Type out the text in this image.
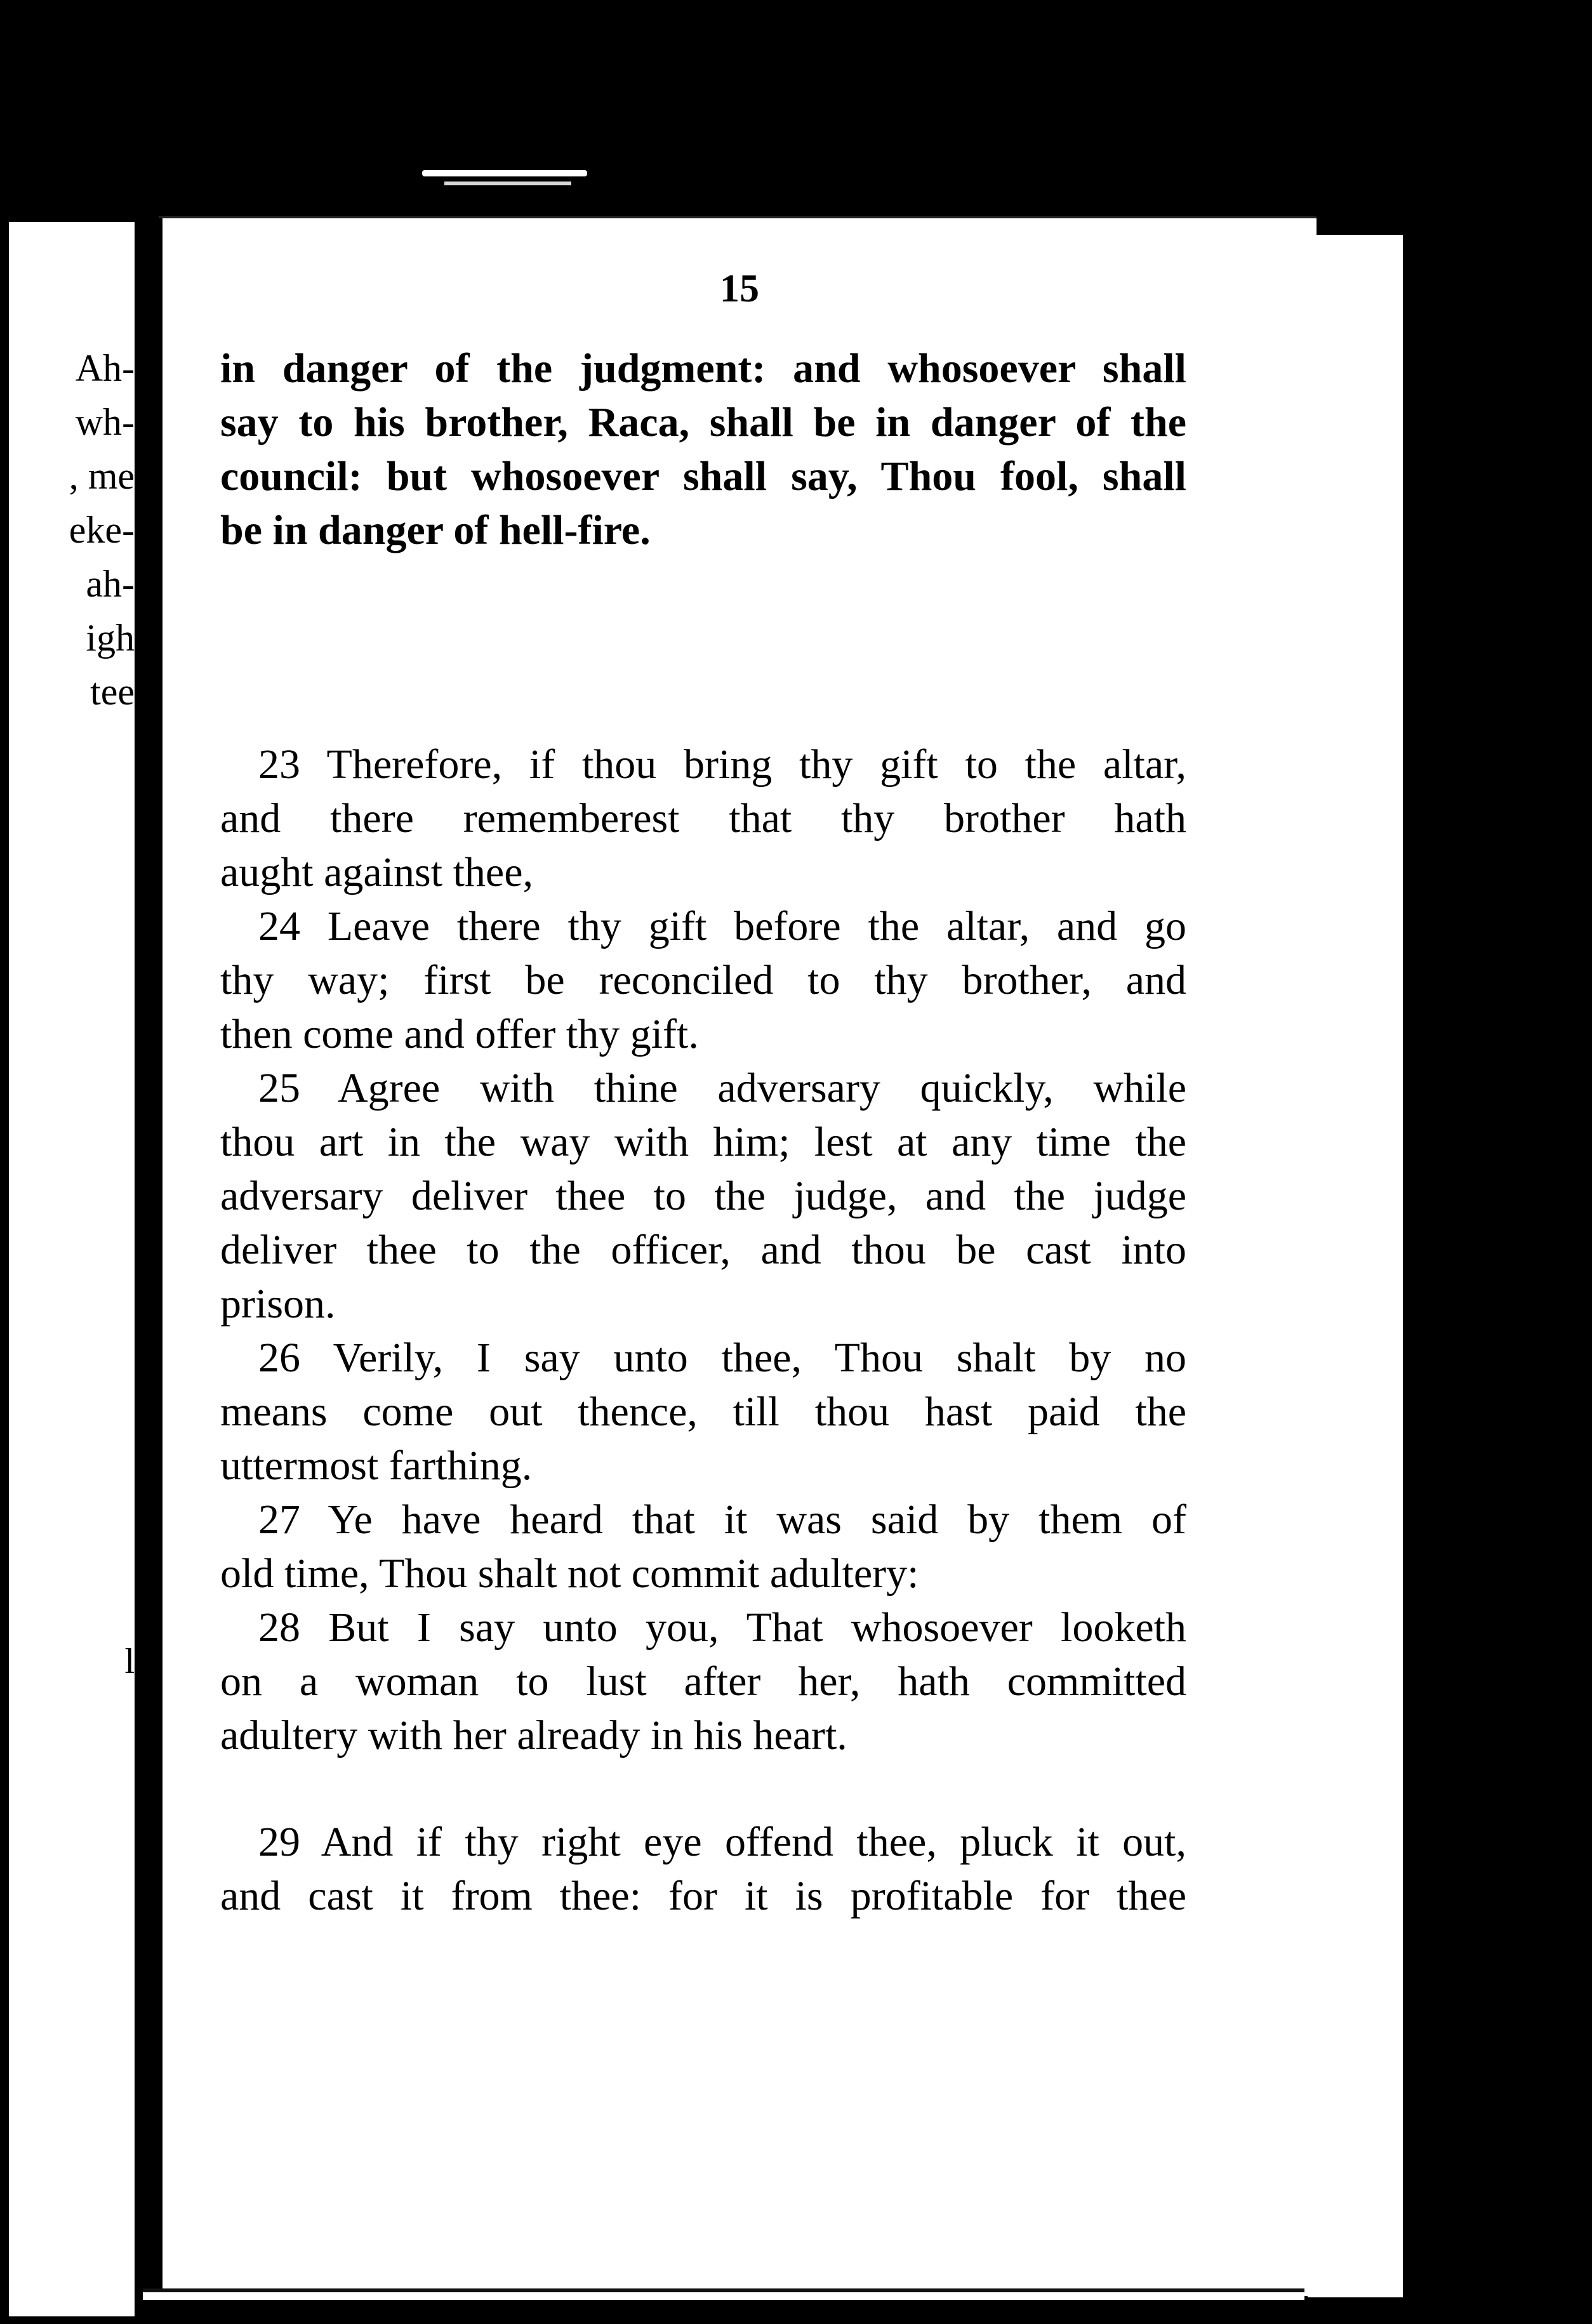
Ah-
wh-
, me
eke-
ah-
igh
tee
l
15
in danger of the judgment: and whosoever shall
say to his brother, Raca, shall be in danger of the
council: but whosoever shall say, Thou fool, shall
be in danger of hell-fire.
23 Therefore, if thou bring thy gift to the altar,
and there rememberest that thy brother hath
aught against thee,
24 Leave there thy gift before the altar, and go
thy way; first be reconciled to thy brother, and
then come and offer thy gift.
25 Agree with thine adversary quickly, while
thou art in the way with him; lest at any time the
adversary deliver thee to the judge, and the judge
deliver thee to the officer, and thou be cast into
prison.
26 Verily, I say unto thee, Thou shalt by no
means come out thence, till thou hast paid the
uttermost farthing.
27 Ye have heard that it was said by them of
old time, Thou shalt not commit adultery:
28 But I say unto you, That whosoever looketh
on a woman to lust after her, hath committed
adultery with her already in his heart.
29 And if thy right eye offend thee, pluck it out,
and cast it from thee: for it is profitable for thee
